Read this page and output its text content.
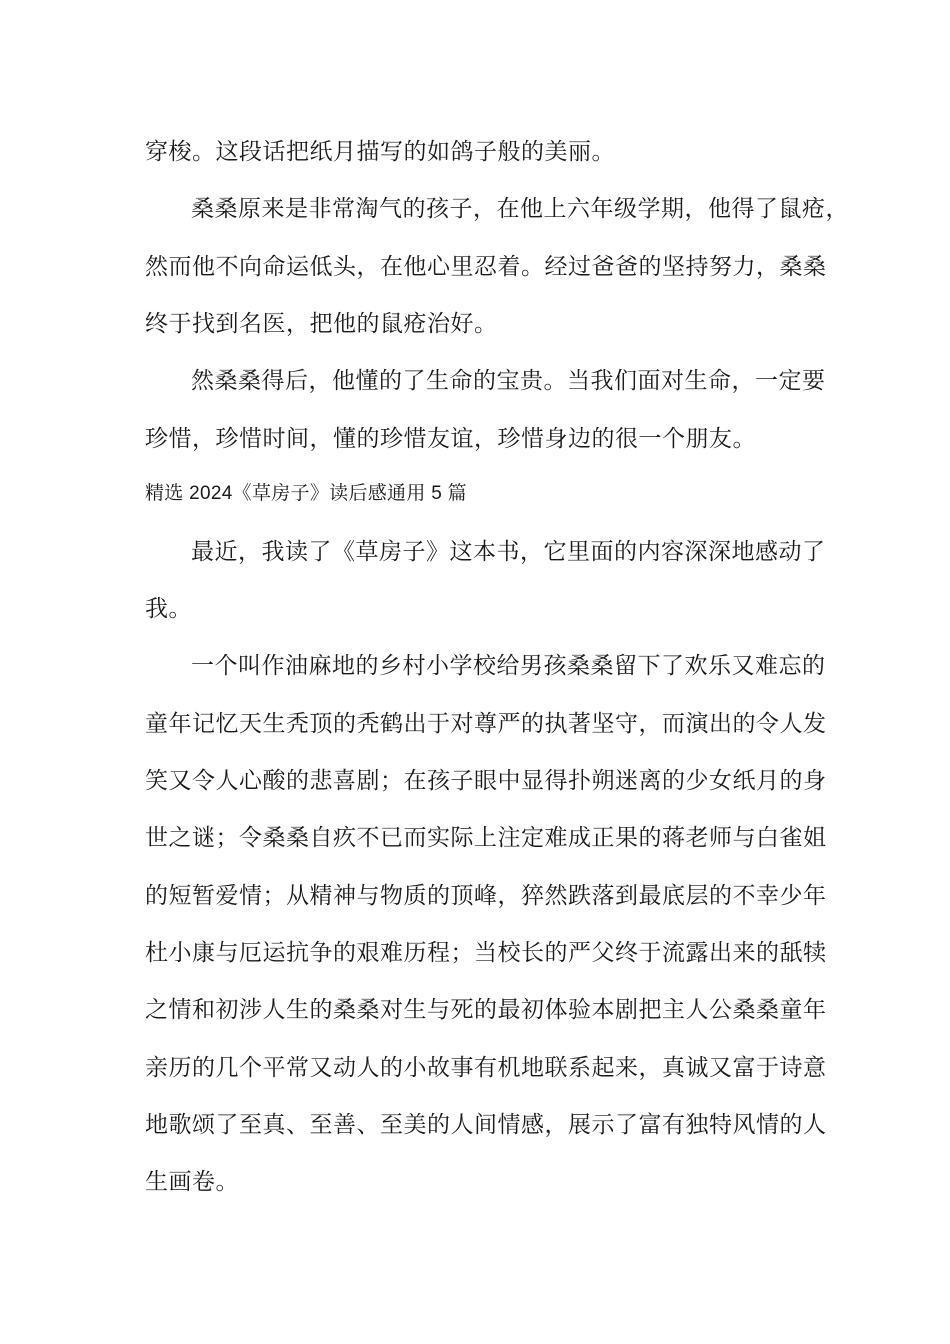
穿梭。这段话把纸月描写的如鸽子般的美丽。
桑桑原来是非常淘气的孩子，在他上六年级学期，他得了鼠疮，
然而他不向命运低头，在他心里忍着。经过爸爸的坚持努力，桑桑
终于找到名医，把他的鼠疮治好。
然桑桑得后，他懂的了生命的宝贵。当我们面对生命，一定要
珍惜，珍惜时间，懂的珍惜友谊，珍惜身边的很一个朋友。
精选 2024《草房子》读后感通用 5 篇
最近，我读了《草房子》这本书，它里面的内容深深地感动了
我。
一个叫作油麻地的乡村小学校给男孩桑桑留下了欢乐又难忘的
童年记忆天生秃顶的秃鹤出于对尊严的执著坚守，而演出的令人发
笑又令人心酸的悲喜剧；在孩子眼中显得扑朔迷离的少女纸月的身
世之谜；令桑桑自疚不已而实际上注定难成正果的蒋老师与白雀姐
的短暂爱情；从精神与物质的顶峰，猝然跌落到最底层的不幸少年
杜小康与厄运抗争的艰难历程；当校长的严父终于流露出来的舐犊
之情和初涉人生的桑桑对生与死的最初体验本剧把主人公桑桑童年
亲历的几个平常又动人的小故事有机地联系起来，真诚又富于诗意
地歌颂了至真、至善、至美的人间情感，展示了富有独特风情的人
生画卷。
